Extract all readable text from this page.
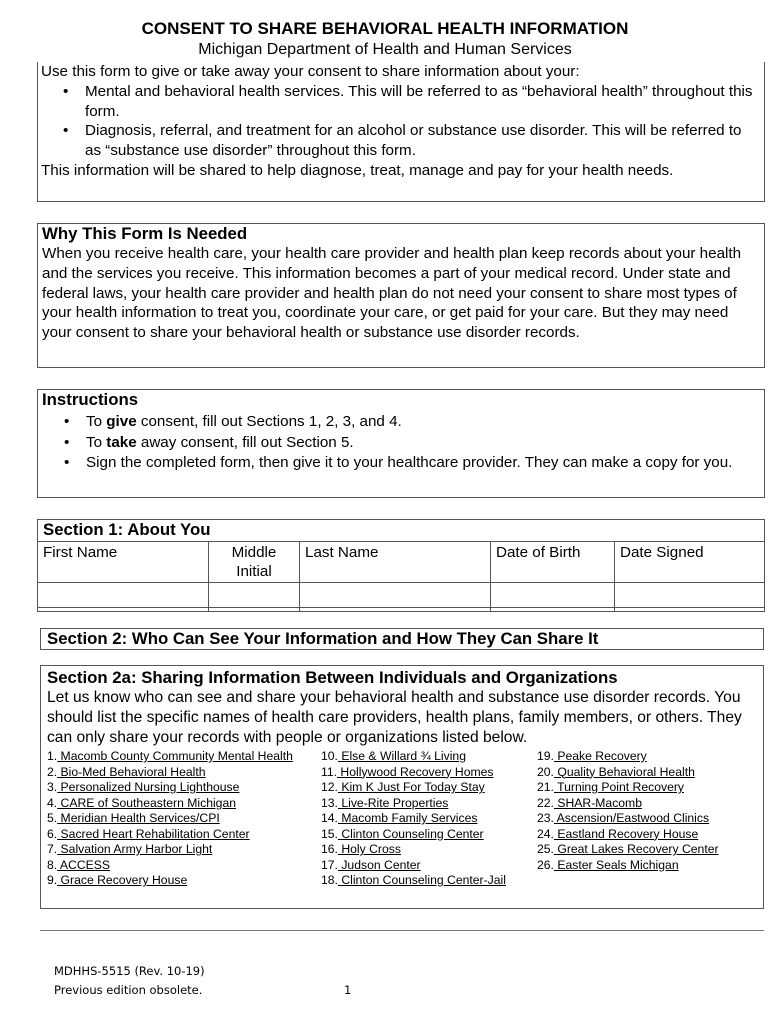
CONSENT TO SHARE BEHAVIORAL HEALTH INFORMATION
Michigan Department of Health and Human Services
Use this form to give or take away your consent to share information about your:
• Mental and behavioral health services. This will be referred to as “behavioral health” throughout this form.
• Diagnosis, referral, and treatment for an alcohol or substance use disorder. This will be referred to as “substance use disorder” throughout this form.
This information will be shared to help diagnose, treat, manage and pay for your health needs.
Why This Form Is Needed
When you receive health care, your health care provider and health plan keep records about your health and the services you receive. This information becomes a part of your medical record. Under state and federal laws, your health care provider and health plan do not need your consent to share most types of your health information to treat you, coordinate your care, or get paid for your care. But they may need your consent to share your behavioral health or substance use disorder records.
Instructions
• To give consent, fill out Sections 1, 2, 3, and 4.
• To take away consent, fill out Section 5.
• Sign the completed form, then give it to your healthcare provider. They can make a copy for you.
Section 1: About You
First Name	Middle Initial	Last Name	Date of Birth	Date Signed

Section 2: Who Can See Your Information and How They Can Share It
Section 2a: Sharing Information Between Individuals and Organizations
Let us know who can see and share your behavioral health and substance use disorder records. You should list the specific names of health care providers, health plans, family members, or others. They can only share your records with people or organizations listed below.
1. Macomb County Community Mental Health
2. Bio-Med Behavioral Health
3. Personalized Nursing Lighthouse
4. CARE of Southeastern Michigan
5. Meridian Health Services/CPI
6. Sacred Heart Rehabilitation Center
7. Salvation Army Harbor Light
8. ACCESS
9. Grace Recovery House
10. Else & Willard ¾ Living
11. Hollywood Recovery Homes
12. Kim K Just For Today Stay
13. Live-Rite Properties
14. Macomb Family Services
15. Clinton Counseling Center
16. Holy Cross
17. Judson Center
18. Clinton Counseling Center-Jail
19. Peake Recovery
20. Quality Behavioral Health
21. Turning Point Recovery
22. SHAR-Macomb
23. Ascension/Eastwood Clinics
24. Eastland Recovery House
25. Great Lakes Recovery Center
26. Easter Seals Michigan
MDHHS-5515 (Rev. 10-19)
Previous edition obsolete.	1
